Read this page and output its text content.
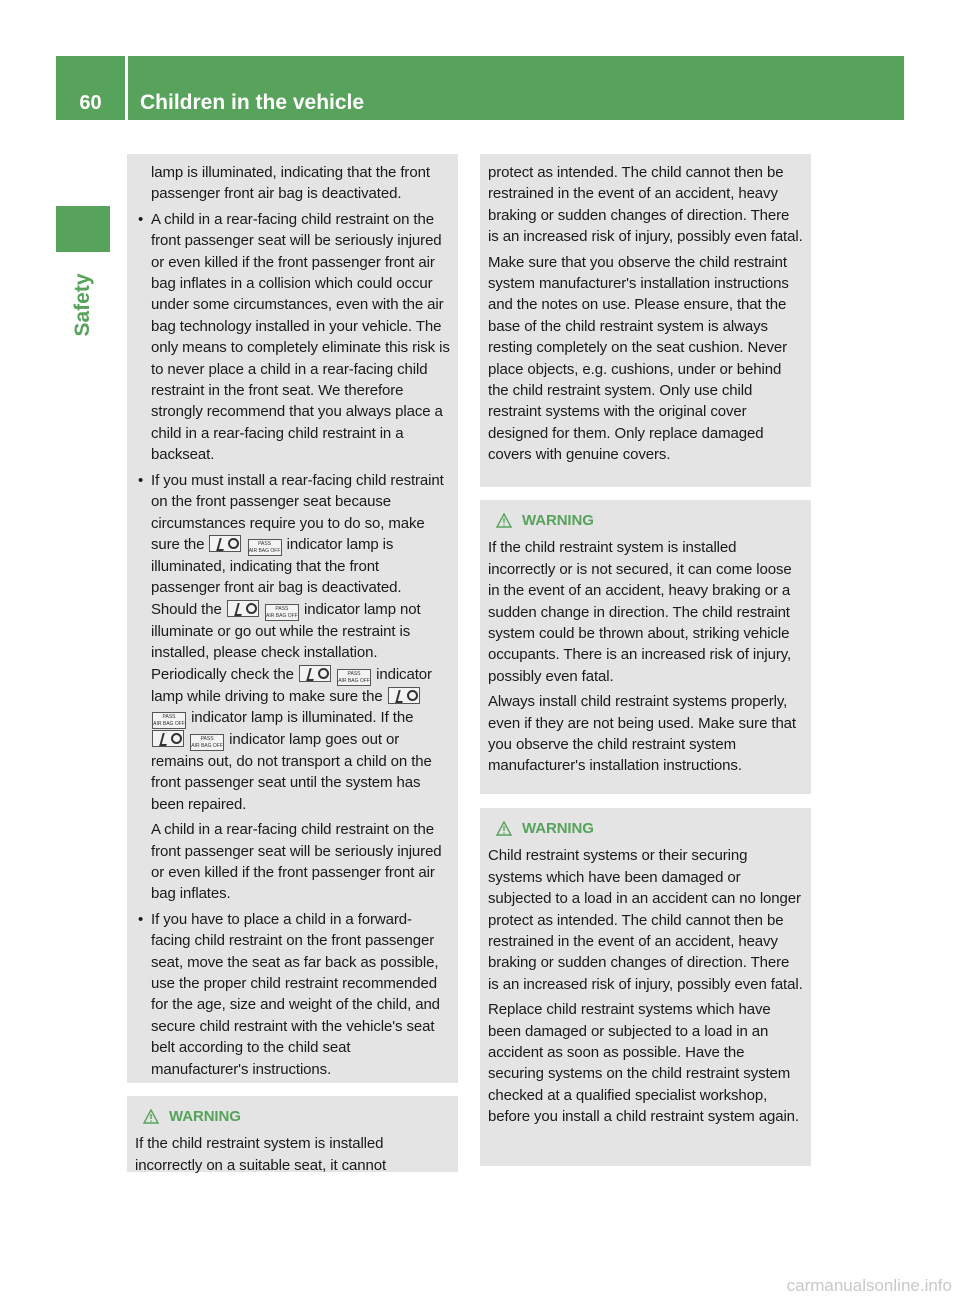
60	Children in the vehicle
Safety

lamp is illuminated, indicating that the front passenger front air bag is deactivated.

• A child in a rear-facing child restraint on the front passenger seat will be seriously injured or even killed if the front passenger front air bag inflates in a collision which could occur under some circumstances, even with the air bag technology installed in your vehicle. The only means to completely eliminate this risk is to never place a child in a rear-facing child restraint in the front seat. We therefore strongly recommend that you always place a child in a rear-facing child restraint in a backseat.
• If you must install a rear-facing child restraint on the front passenger seat because circumstances require you to do so, make sure the	PASS
AIR BAG OFF indicator lamp is illuminated, indicating that the front passenger front air bag is deactivated. Should the	PASS
AIR BAG OFF indicator lamp not illuminate or go out while the restraint is installed, please check installation. Periodically check the	PASS
AIR BAG OFF indicator lamp while driving to make sure the  PASS
AIR BAG OFF indicator lamp is illuminated. If the  PASS
AIR BAG OFF indicator lamp goes out or remains out, do not transport a child on the front passenger seat until the system has been repaired.

A child in a rear-facing child restraint on the front passenger seat will be seriously injured or even killed if the front passenger front air bag inflates.

• If you have to place a child in a forward-facing child restraint on the front passenger seat, move the seat as far back as possible, use the proper child restraint recommended for the age, size and weight of the child, and secure child restraint with the vehicle's seat belt according to the child seat manufacturer's instructions.
WARNING

If the child restraint system is installed incorrectly on a suitable seat, it cannot

protect as intended. The child cannot then be restrained in the event of an accident, heavy braking or sudden changes of direction. There is an increased risk of injury, possibly even fatal.

Make sure that you observe the child restraint system manufacturer's installation instructions and the notes on use. Please ensure, that the base of the child restraint system is always resting completely on the seat cushion. Never place objects, e.g. cushions, under or behind the child restraint system. Only use child restraint systems with the original cover designed for them. Only replace damaged covers with genuine covers.

WARNING

If the child restraint system is installed incorrectly or is not secured, it can come loose in the event of an accident, heavy braking or a sudden change in direction. The child restraint system could be thrown about, striking vehicle occupants. There is an increased risk of injury, possibly even fatal.

Always install child restraint systems properly, even if they are not being used. Make sure that you observe the child restraint system manufacturer's installation instructions.

WARNING

Child restraint systems or their securing systems which have been damaged or subjected to a load in an accident can no longer protect as intended. The child cannot then be restrained in the event of an accident, heavy braking or sudden changes of direction. There is an increased risk of injury, possibly even fatal.

Replace child restraint systems which have been damaged or subjected to a load in an accident as soon as possible. Have the securing systems on the child restraint system checked at a qualified specialist workshop, before you install a child restraint system again.

carmanualsonline.info
